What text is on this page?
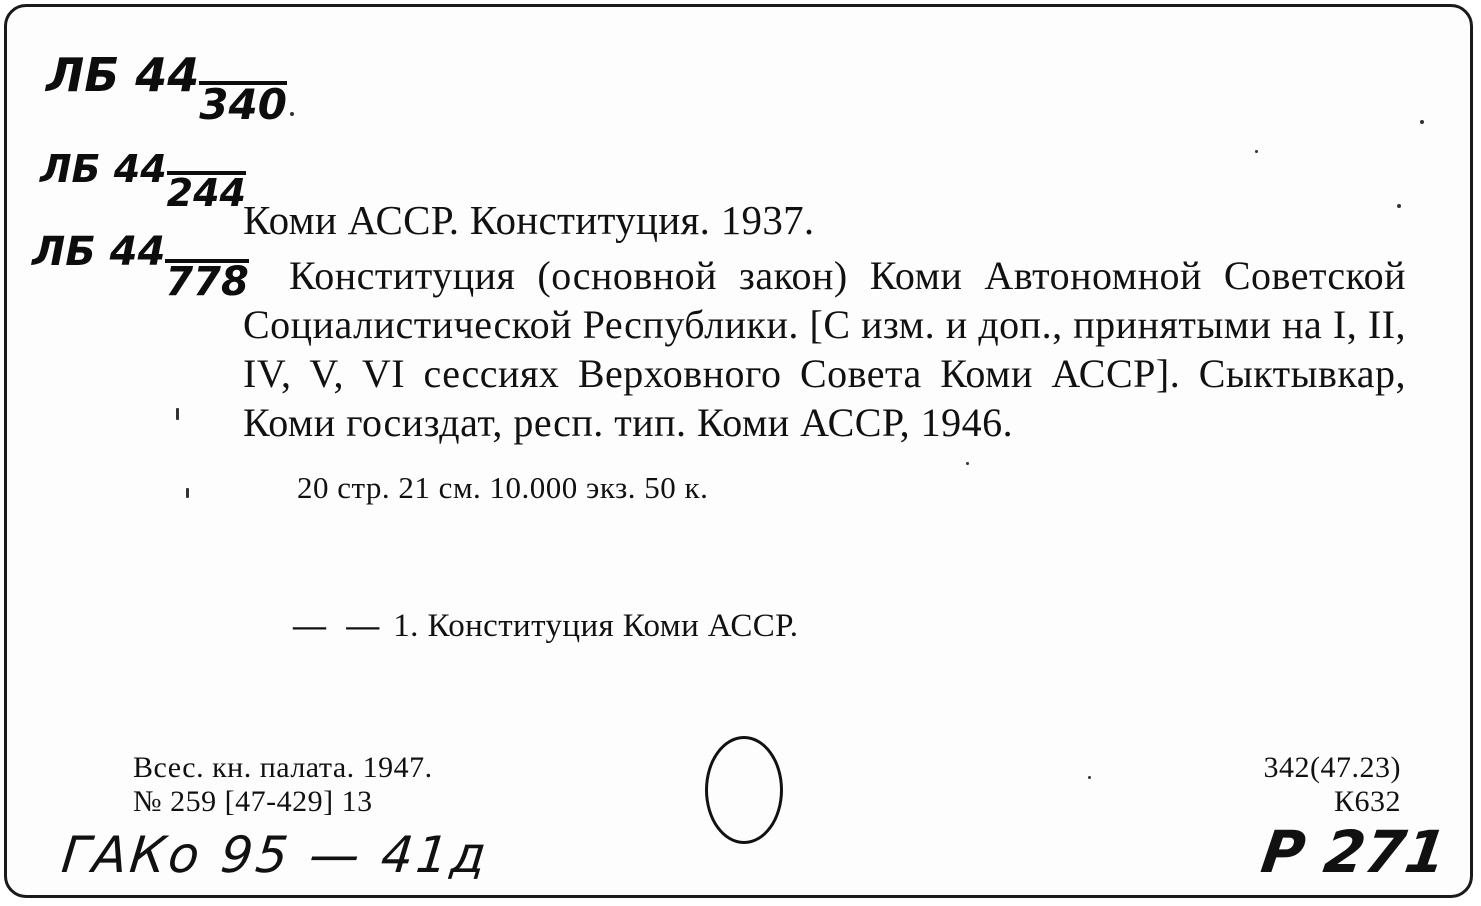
ЛБ 44340
ЛБ 44244
ЛБ 44778

Коми АССР. Конституция. 1937.

Конституция (основной закон) Коми Автономной Советской Социалистической Республики. [С изм. и доп., принятыми на I, II, IV, V, VI сессиях Верховного Совета Коми АССР]. Сыктывкар, Коми госиздат, респ. тип. Коми АССР, 1946.

20 стр. 21 см. 10.000 экз. 50 к.
— — 1. Конституция Коми АССР.
Всес. кн. палата. 1947.
№ 259 [47-429] 13
342(47.23)
К632
ГАКо 95 — 41д	Р 271
